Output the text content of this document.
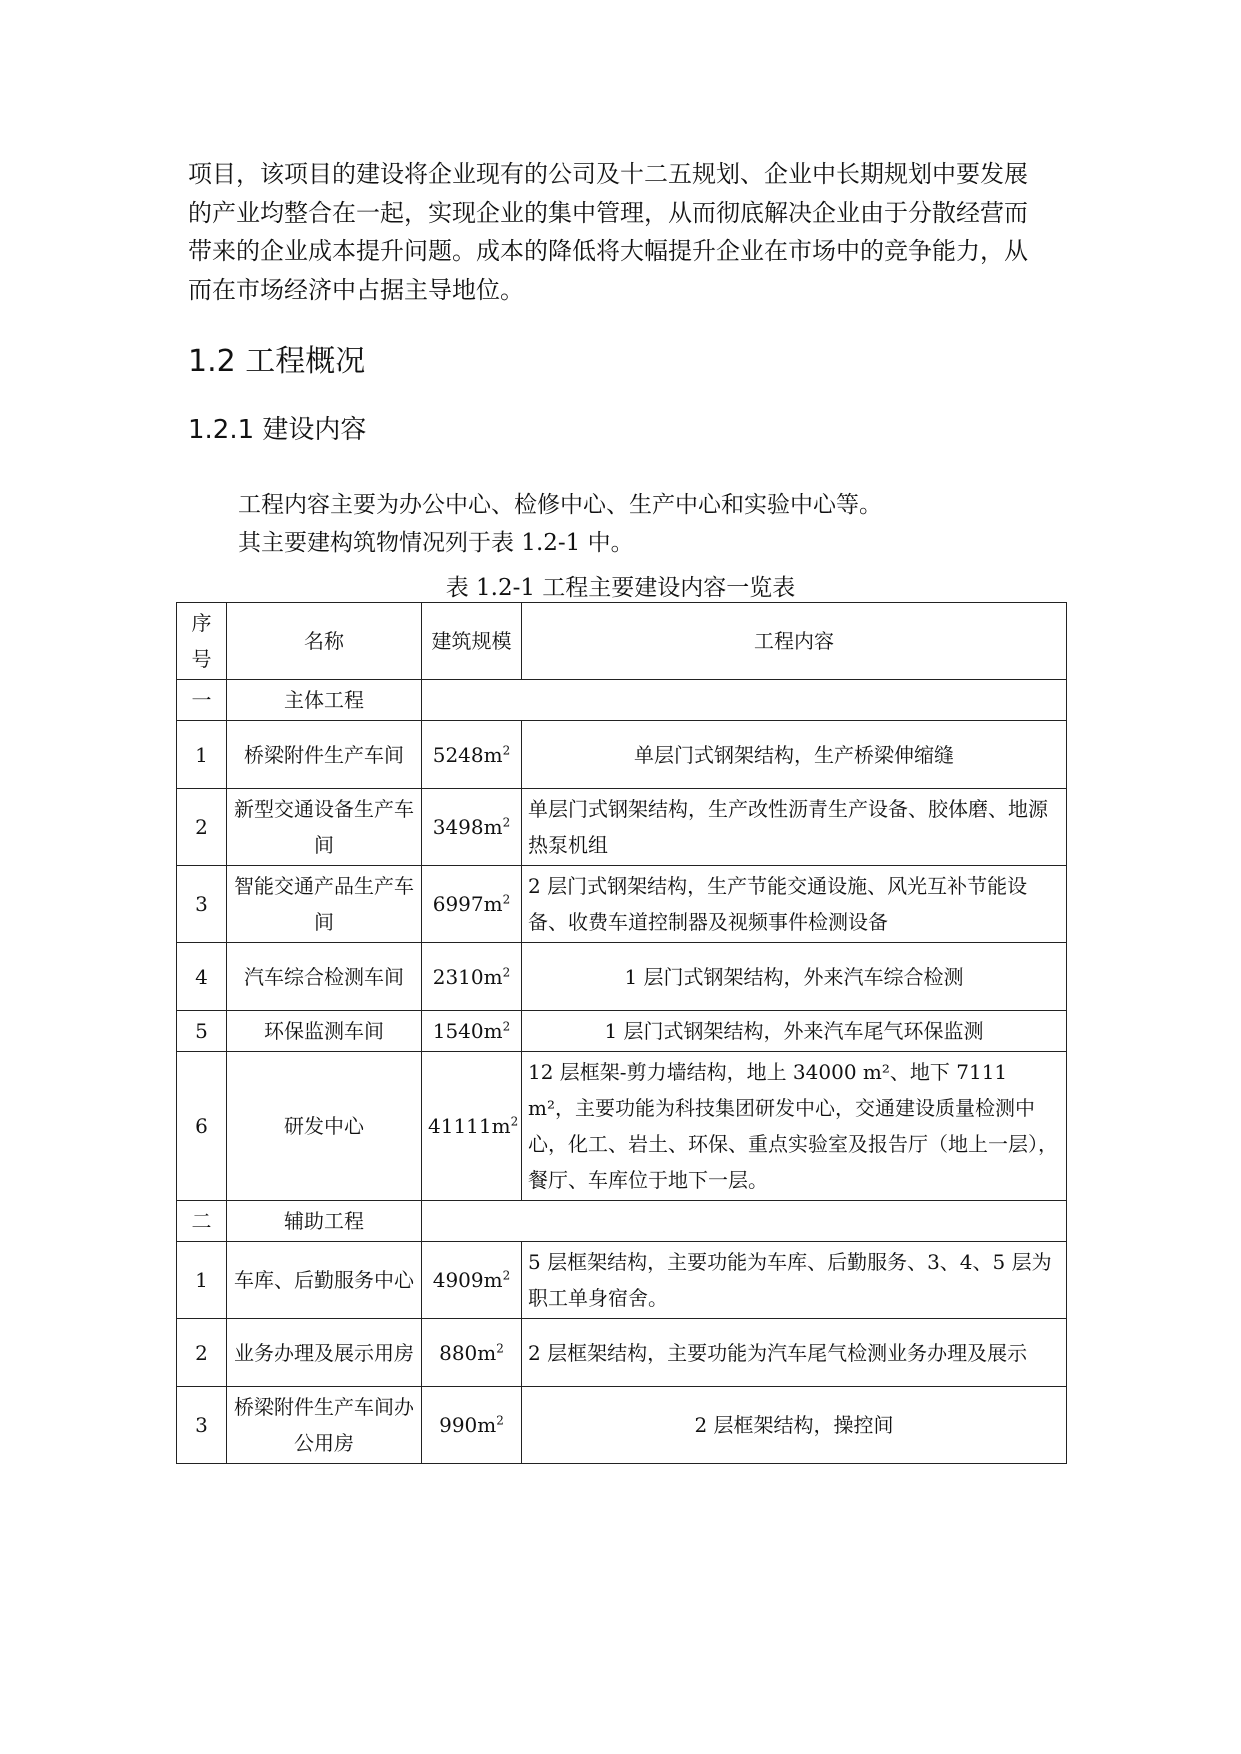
项目，该项目的建设将企业现有的公司及十二五规划、企业中长期规划中要发展
的产业均整合在一起，实现企业的集中管理，从而彻底解决企业由于分散经营而
带来的企业成本提升问题。成本的降低将大幅提升企业在市场中的竞争能力，从
而在市场经济中占据主导地位。
1.2 工程概况
1.2.1 建设内容
工程内容主要为办公中心、检修中心、生产中心和实验中心等。
其主要建构筑物情况列于表 1.2-1 中。
表 1.2-1 工程主要建设内容一览表
序号	名称	建筑规模	工程内容
一	主体工程		
1	桥梁附件生产车间	$5248m^2$	单层门式钢架结构，生产桥梁伸缩缝
2	新型交通设备生产车间	$3498m^2$	单层门式钢架结构，生产改性沥青生产设备、胶体磨、地源热泵机组
3	智能交通产品生产车间	$6997m^2$	2 层门式钢架结构，生产节能交通设施、风光互补节能设备、收费车道控制器及视频事件检测设备
4	汽车综合检测车间	$2310m^2$	1 层门式钢架结构，外来汽车综合检测
5	环保监测车间	$1540m^2$	1 层门式钢架结构，外来汽车尾气环保监测
6	研发中心	$41111m^2$	12 层框架-剪力墙结构，地上 34000 m²、地下 7111 m²，主要功能为科技集团研发中心，交通建设质量检测中心，化工、岩土、环保、重点实验室及报告厅（地上一层），餐厅、车库位于地下一层。
二	辅助工程		
1	车库、后勤服务中心	$4909m^2$	5 层框架结构，主要功能为车库、后勤服务、3、4、5 层为职工单身宿舍。
2	业务办理及展示用房	$880m^2$	2 层框架结构，主要功能为汽车尾气检测业务办理及展示
3	桥梁附件生产车间办公用房	$990m^2$	2 层框架结构，操控间
